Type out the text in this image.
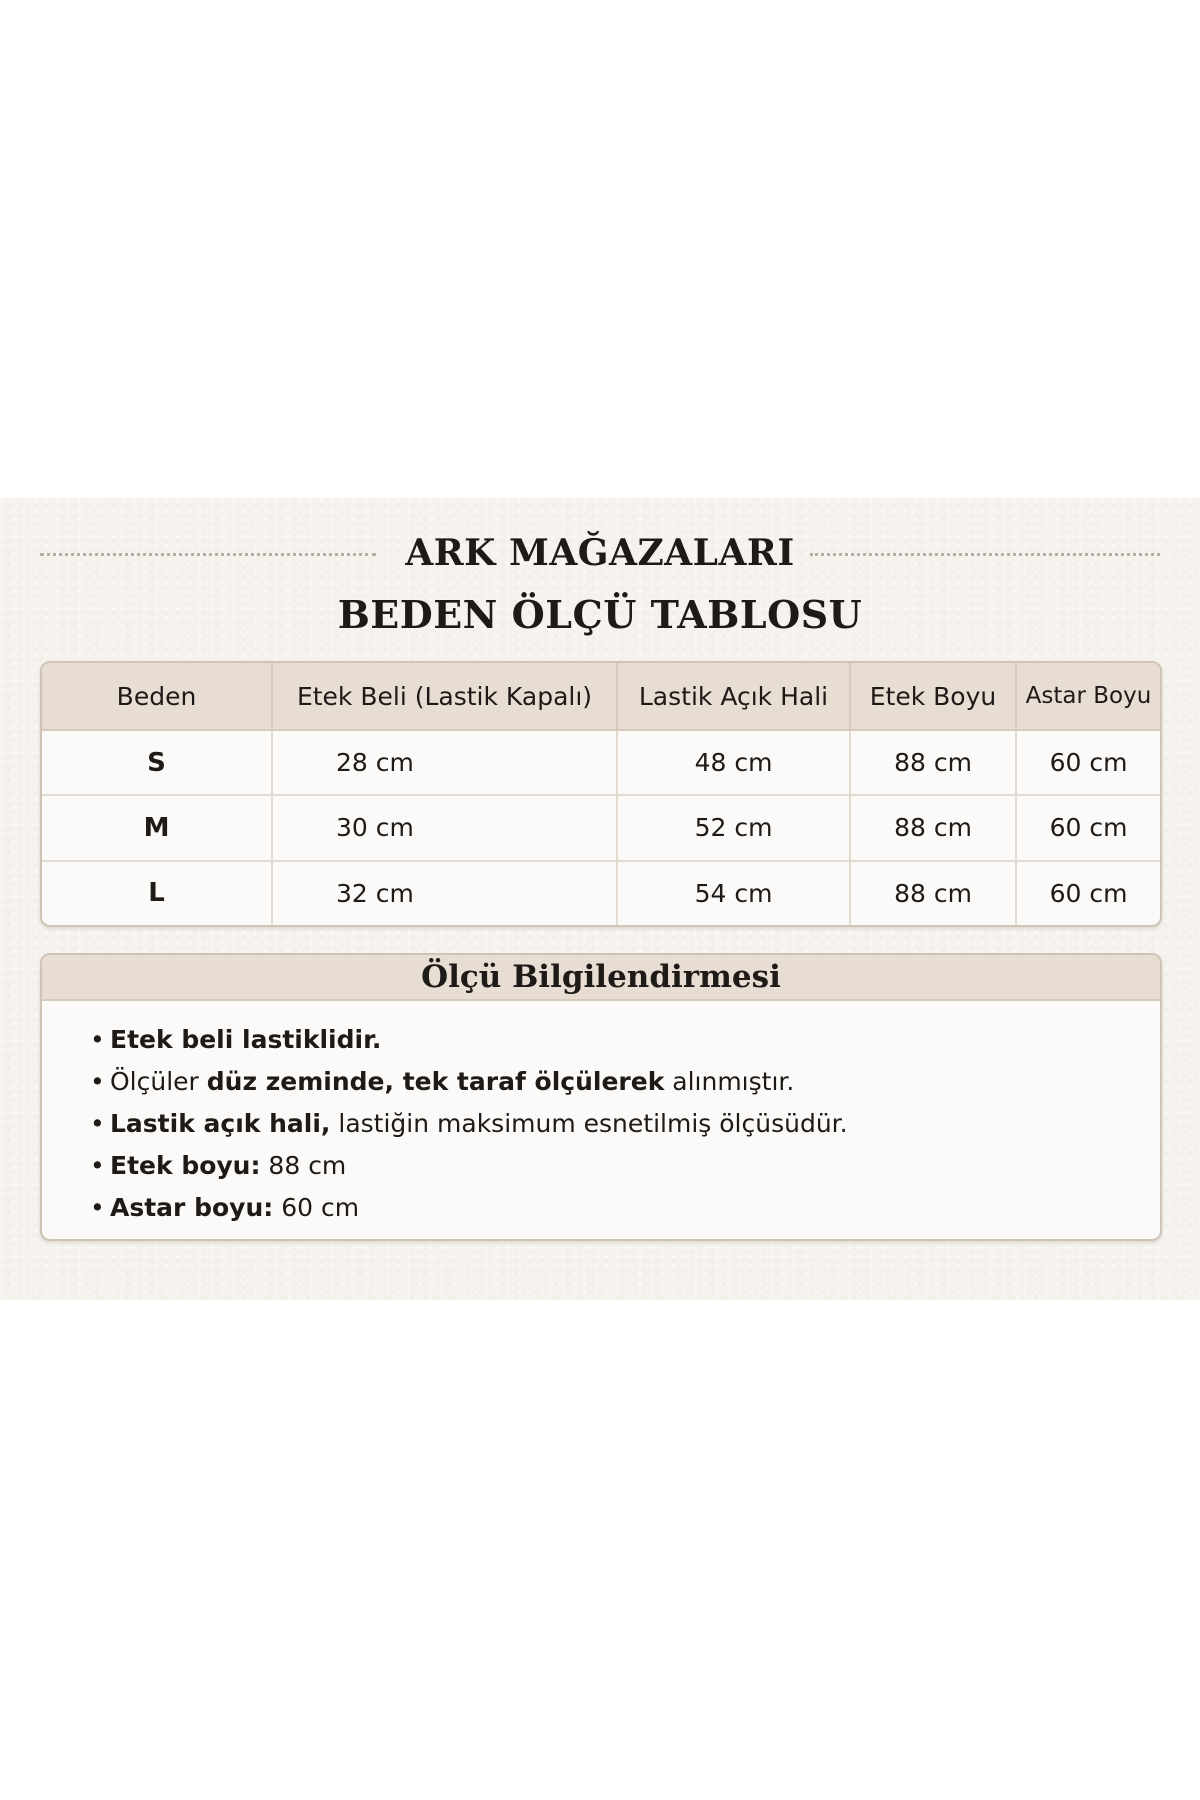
ARK MAĞAZALARI
BEDEN ÖLÇÜ TABLOSU
Beden	Etek Beli (Lastik Kapalı)	Lastik Açık Hali	Etek Boyu	Astar Boyu
S	28 cm	48 cm	88 cm	60 cm
M	30 cm	52 cm	88 cm	60 cm
L	32 cm	54 cm	88 cm	60 cm
Ölçü Bilgilendirmesi
• Etek beli lastiklidir.
• Ölçüler düz zeminde, tek taraf ölçülerek alınmıştır.
• Lastik açık hali, lastiğin maksimum esnetilmiş ölçüsüdür.
• Etek boyu: 88 cm
• Astar boyu: 60 cm
